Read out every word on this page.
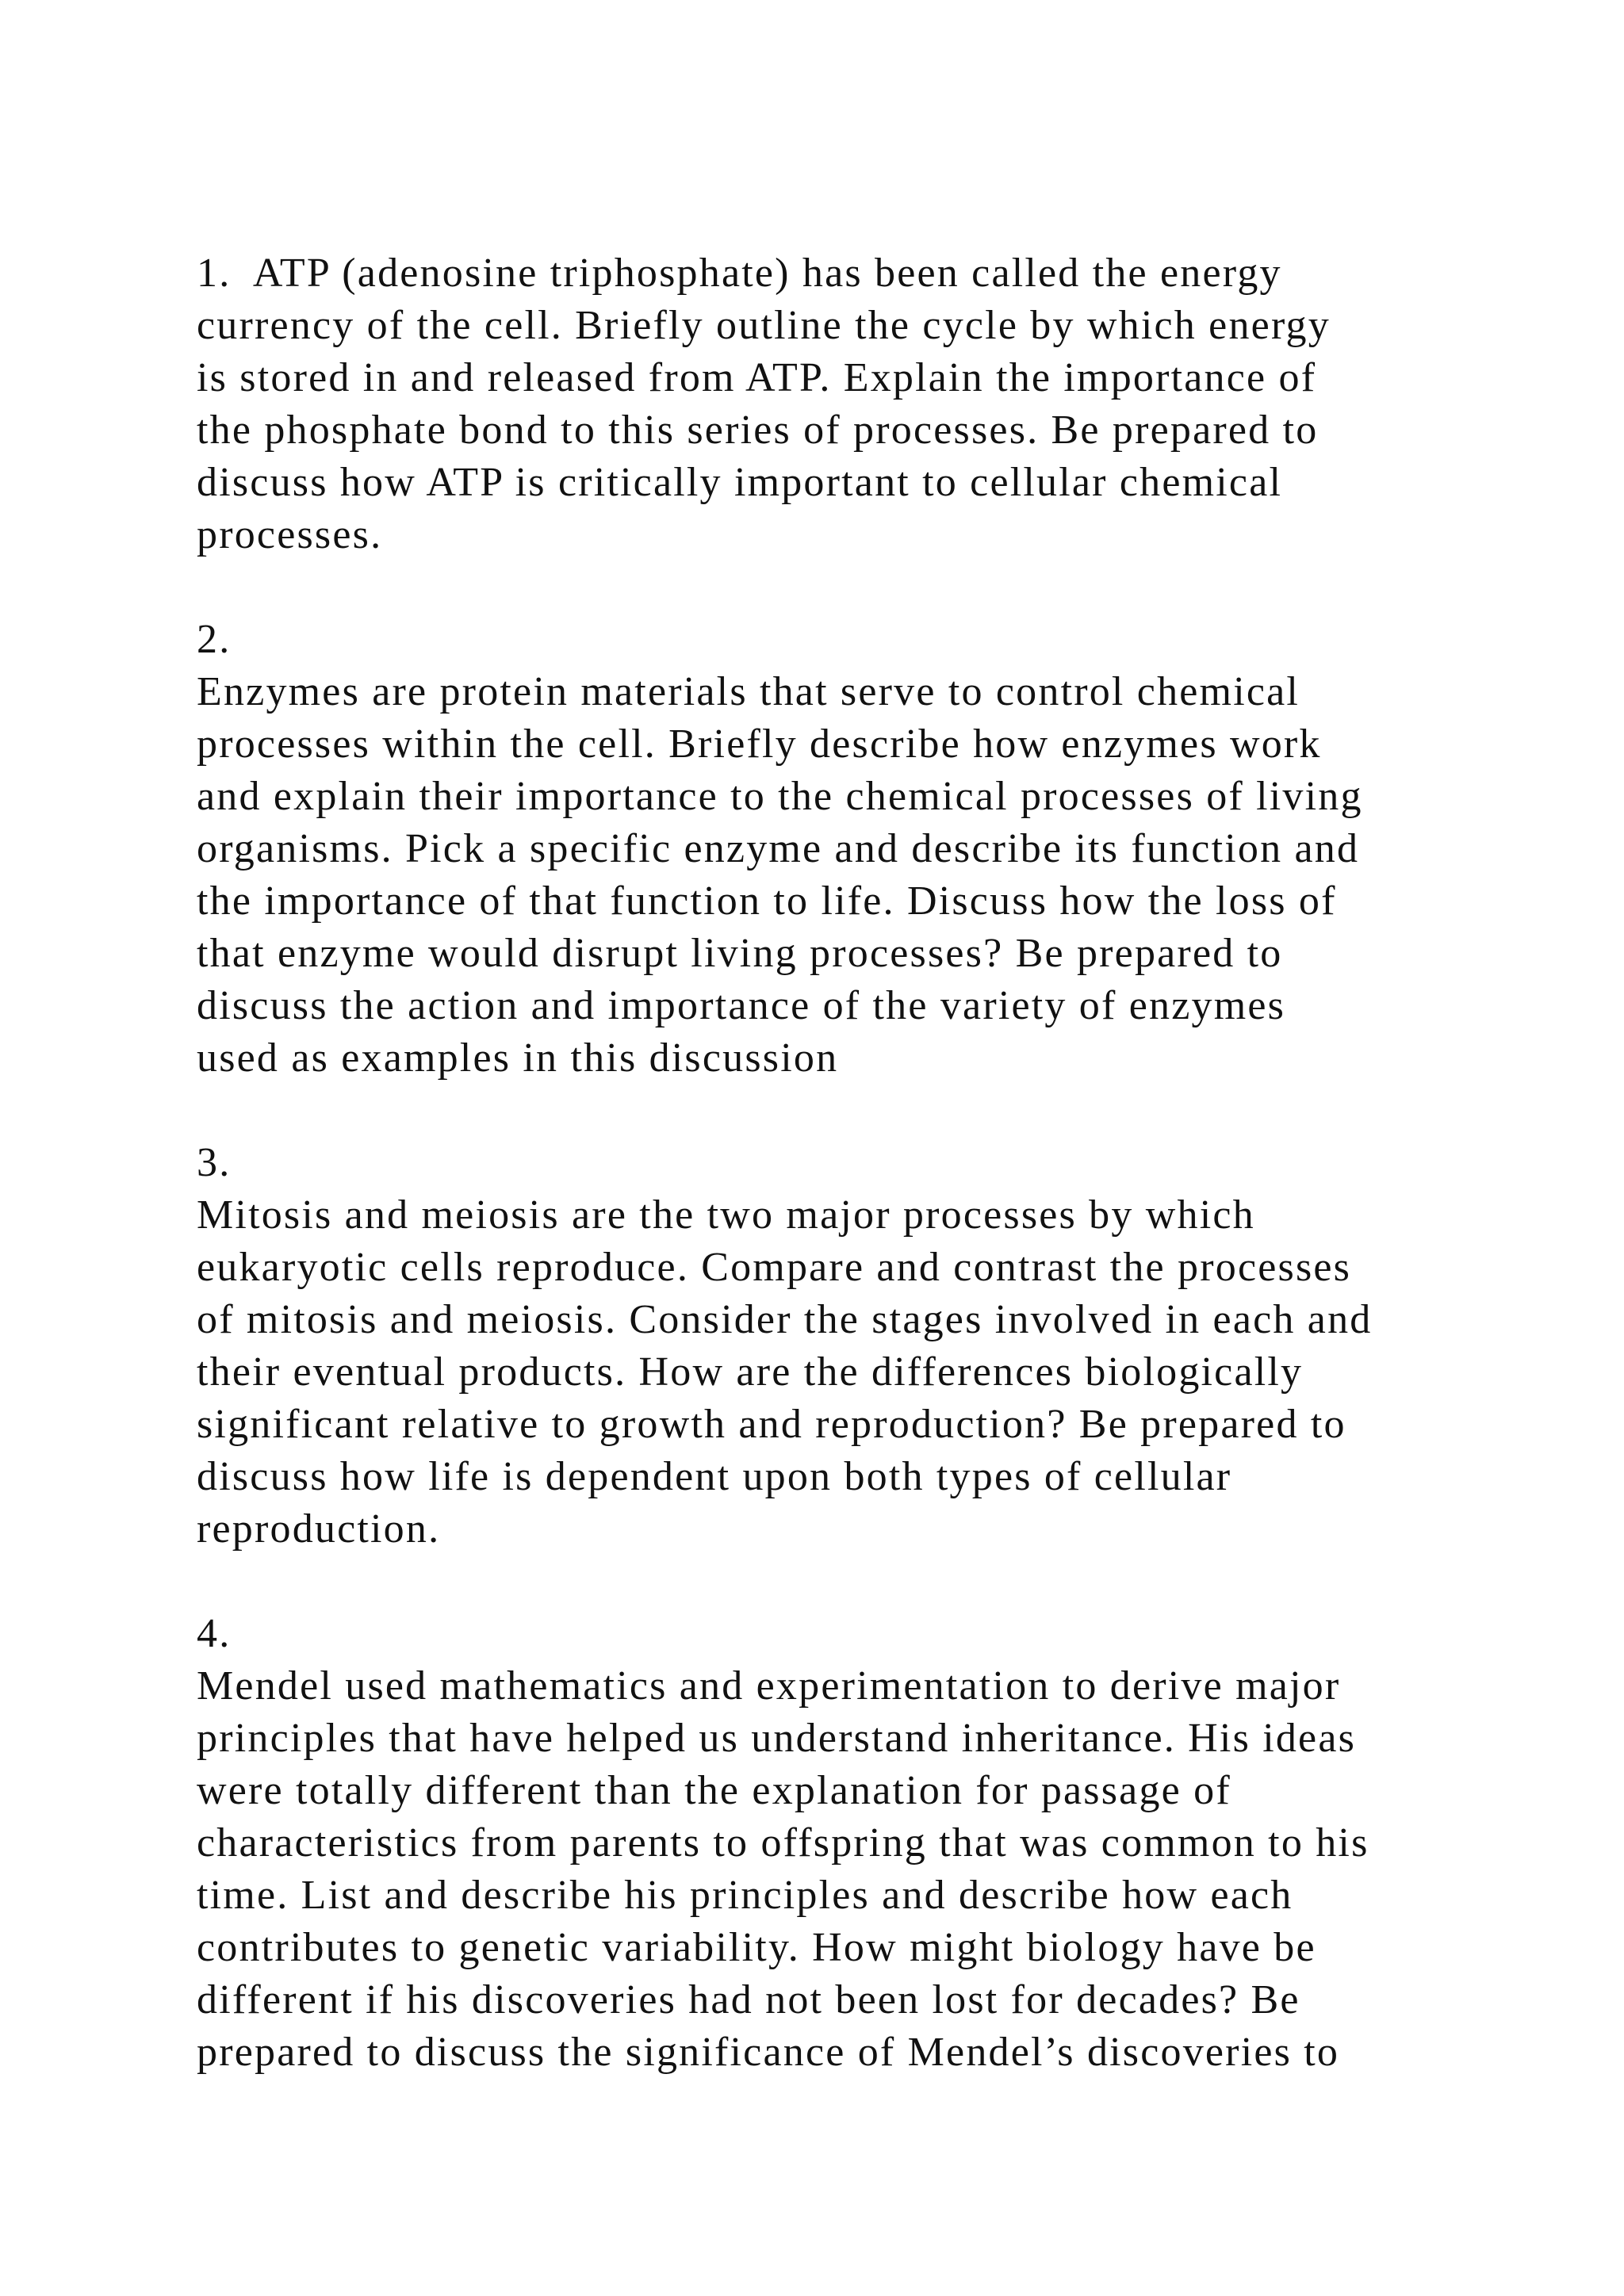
1.  ATP (adenosine triphosphate) has been called the energy
currency of the cell. Briefly outline the cycle by which energy
is stored in and released from ATP. Explain the importance of
the phosphate bond to this series of processes. Be prepared to
discuss how ATP is critically important to cellular chemical
processes.
2.
Enzymes are protein materials that serve to control chemical
processes within the cell. Briefly describe how enzymes work
and explain their importance to the chemical processes of living
organisms. Pick a specific enzyme and describe its function and
the importance of that function to life. Discuss how the loss of
that enzyme would disrupt living processes? Be prepared to
discuss the action and importance of the variety of enzymes
used as examples in this discussion
3.
Mitosis and meiosis are the two major processes by which
eukaryotic cells reproduce. Compare and contrast the processes
of mitosis and meiosis. Consider the stages involved in each and
their eventual products. How are the differences biologically
significant relative to growth and reproduction? Be prepared to
discuss how life is dependent upon both types of cellular
reproduction.
4.
Mendel used mathematics and experimentation to derive major
principles that have helped us understand inheritance. His ideas
were totally different than the explanation for passage of
characteristics from parents to offspring that was common to his
time. List and describe his principles and describe how each
contributes to genetic variability. How might biology have be
different if his discoveries had not been lost for decades? Be
prepared to discuss the significance of Mendel’s discoveries to
